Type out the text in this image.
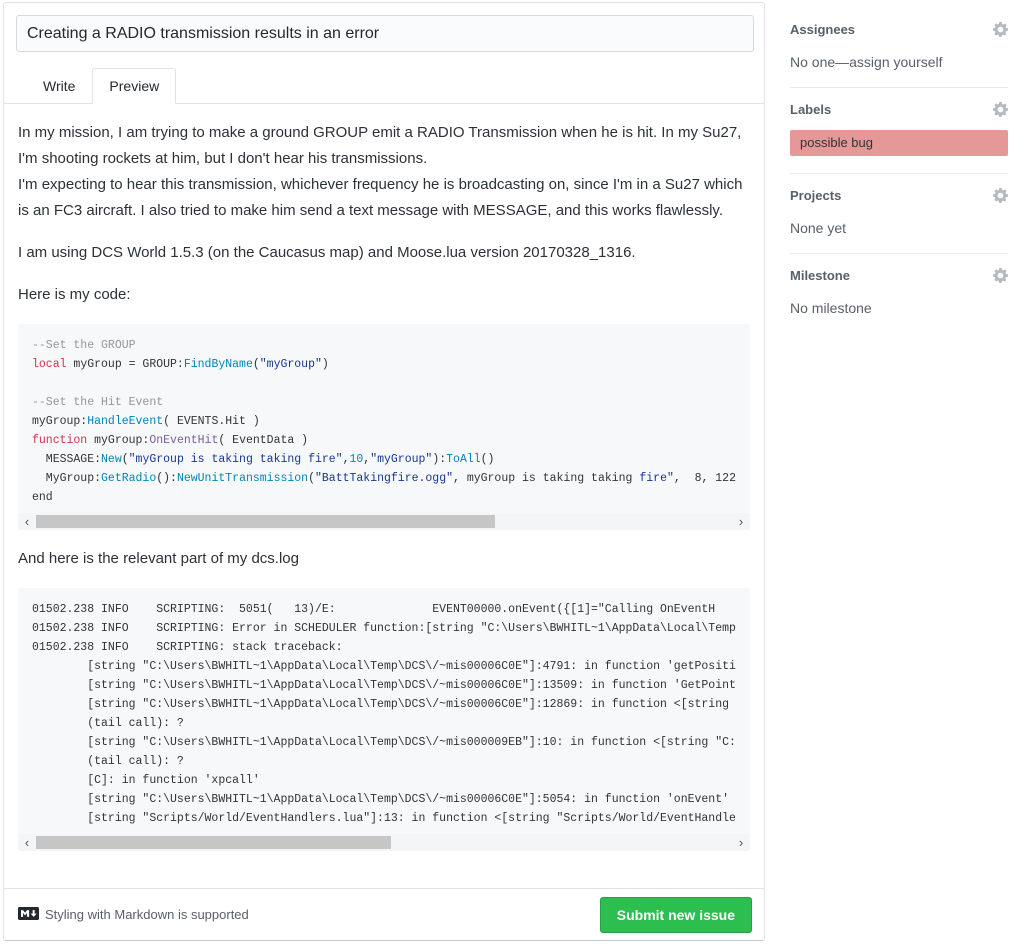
Creating a RADIO transmission results in an error
Write	Preview

In my mission, I am trying to make a ground GROUP emit a RADIO Transmission when he is hit. In my Su27, I'm shooting rockets at him, but I don't hear his transmissions.
I'm expecting to hear this transmission, whichever frequency he is broadcasting on, since I'm in a Su27 which is an FC3 aircraft. I also tried to make him send a text message with MESSAGE, and this works flawlessly.

I am using DCS World 1.5.3 (on the Caucasus map) and Moose.lua version 20170328_1316.

Here is my code:

--Set the GROUP
local myGroup = GROUP:FindByName("myGroup")

--Set the Hit Event
myGroup:HandleEvent( EVENTS.Hit )
function myGroup:OnEventHit( EventData )
MESSAGE:New("myGroup is taking taking fire",10,"myGroup"):ToAll()
MyGroup:GetRadio():NewUnitTransmission("BattTakingfire.ogg", myGroup is taking taking fire",  8, 122
end
‹	›

And here is the relevant part of my dcs.log

01502.238 INFO    SCRIPTING:  5051(   13)/E:              EVENT00000.onEvent({[1]="Calling OnEventH
01502.238 INFO    SCRIPTING: Error in SCHEDULER function:[string "C:\Users\BWHITL~1\AppData\Local\Temp
01502.238 INFO    SCRIPTING: stack traceback:
[string "C:\Users\BWHITL~1\AppData\Local\Temp\DCS\/~mis00006C0E"]:4791: in function 'getPositi
[string "C:\Users\BWHITL~1\AppData\Local\Temp\DCS\/~mis00006C0E"]:13509: in function 'GetPoint
[string "C:\Users\BWHITL~1\AppData\Local\Temp\DCS\/~mis00006C0E"]:12869: in function <[string
(tail call): ?
[string "C:\Users\BWHITL~1\AppData\Local\Temp\DCS\/~mis000009EB"]:10: in function <[string "C:
(tail call): ?
[C]: in function 'xpcall'
[string "C:\Users\BWHITL~1\AppData\Local\Temp\DCS\/~mis00006C0E"]:5054: in function 'onEvent'
[string "Scripts/World/EventHandlers.lua"]:13: in function <[string "Scripts/World/EventHandle
‹	›
Styling with Markdown is supported	Submit new issue
Assignees
No one—assign yourself
Labels
possible bug
Projects
None yet
Milestone
No milestone
